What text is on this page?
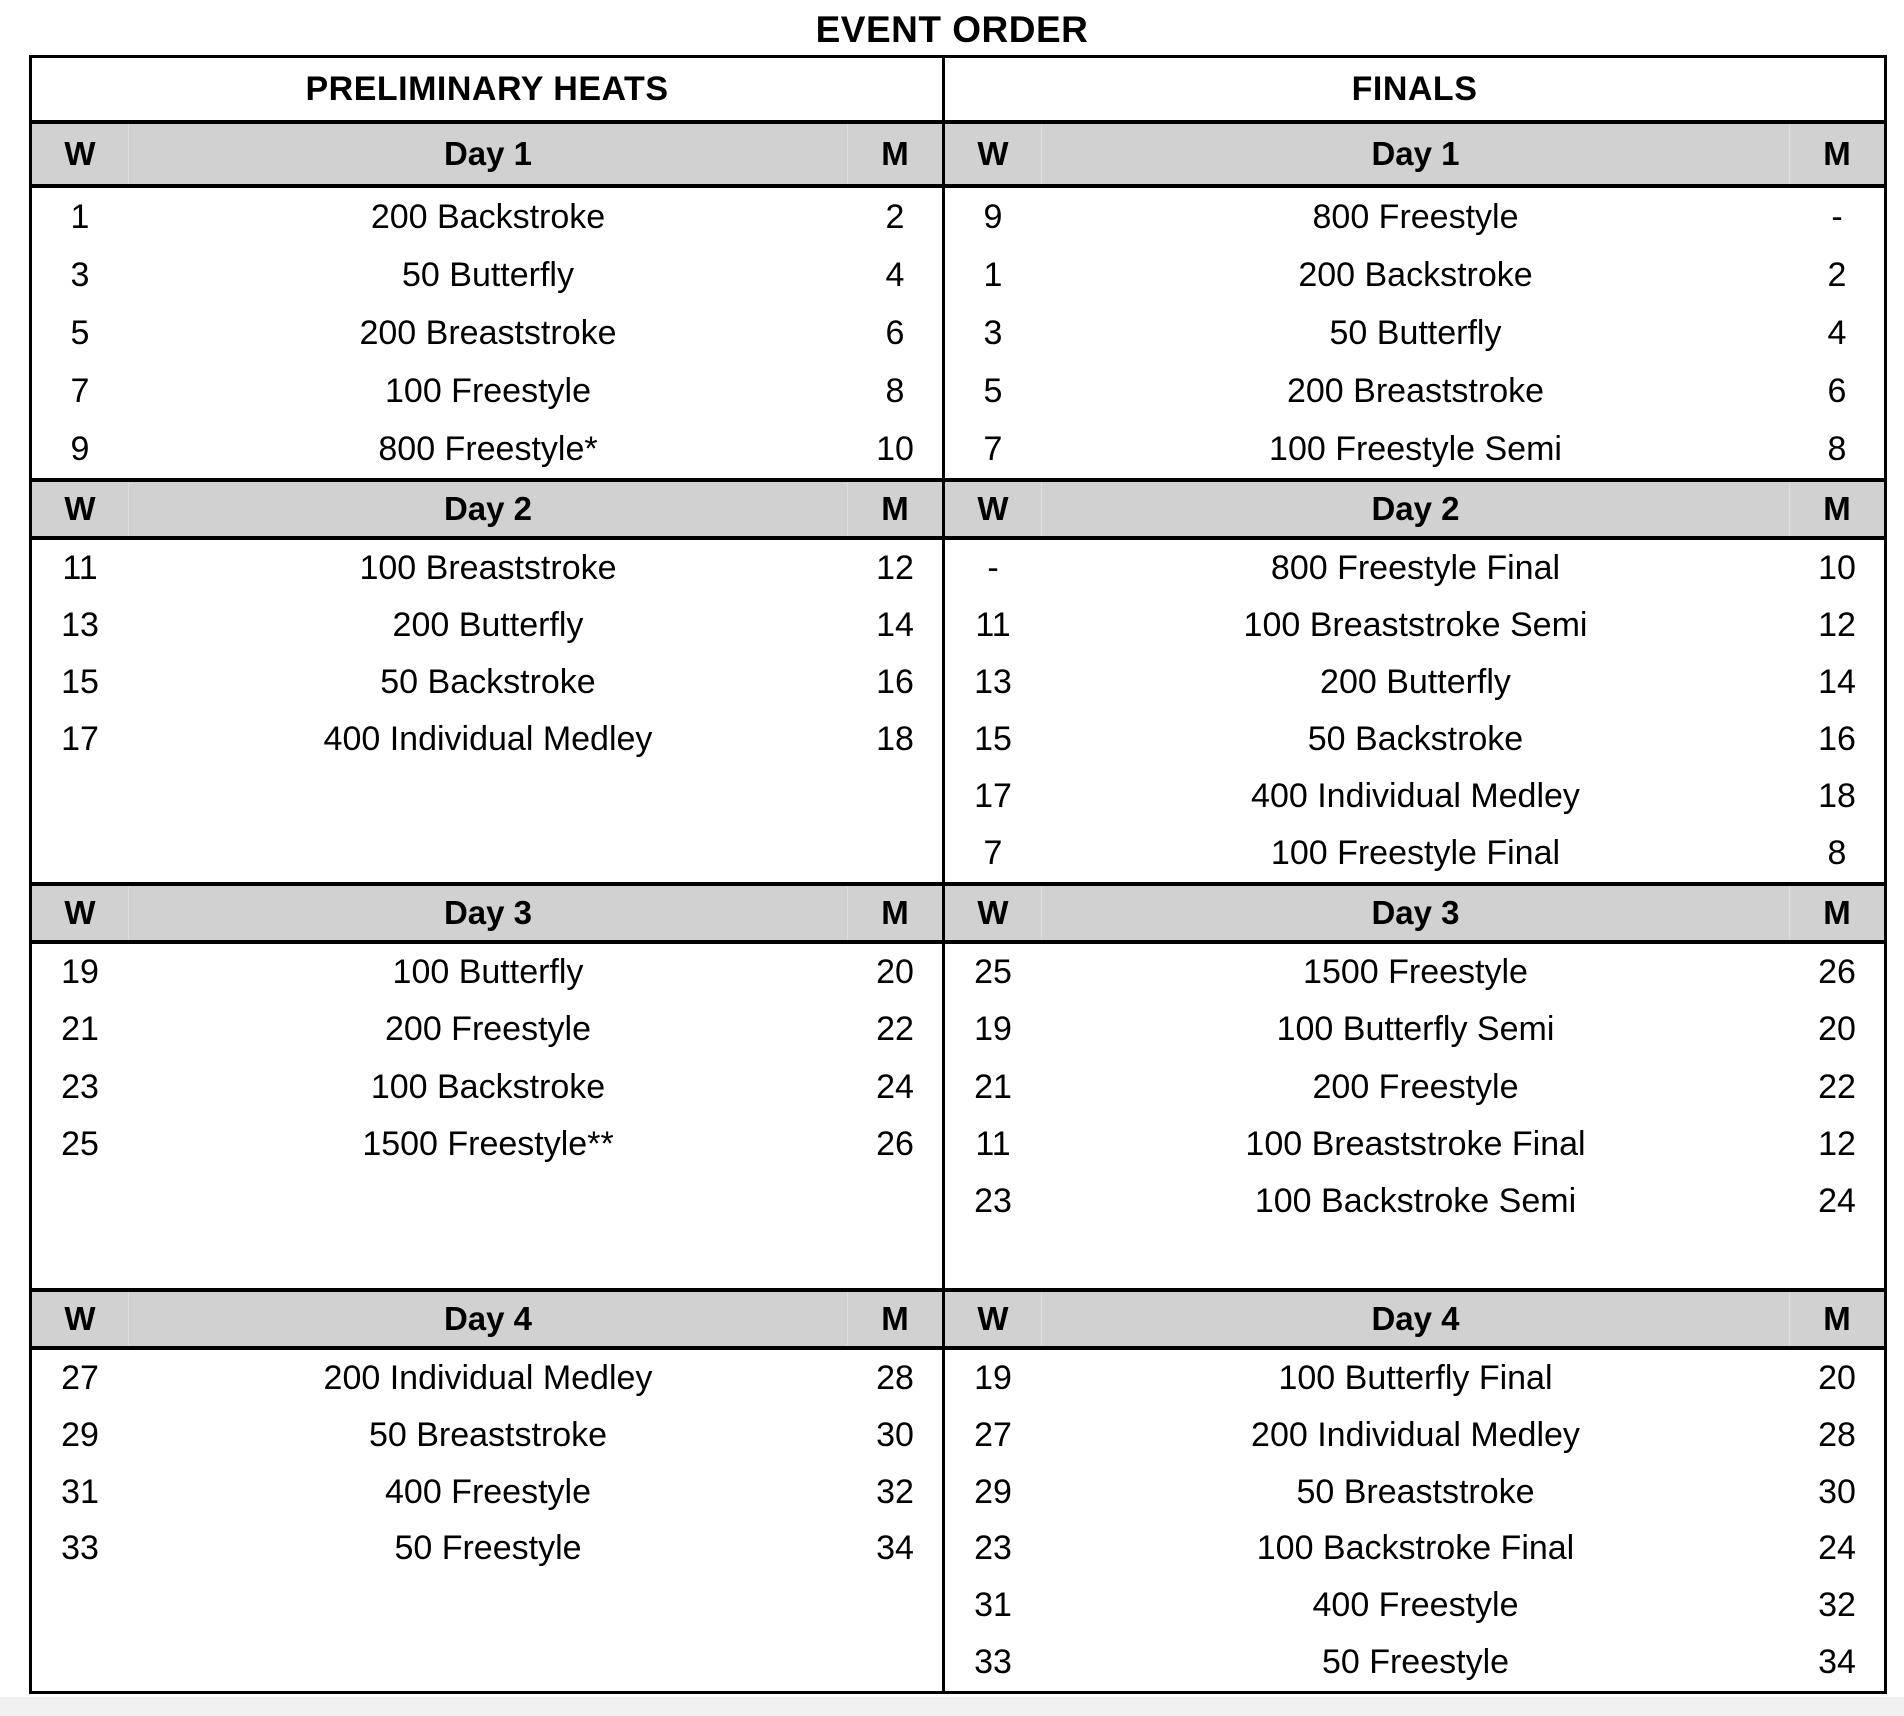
EVENT ORDER
PRELIMINARY HEATS
W	Day 1	M
1	200 Backstroke	2
3	50 Butterfly	4
5	200 Breaststroke	6
7	100 Freestyle	8
9	800 Freestyle*	10
W	Day 2	M
11	100 Breaststroke	12
13	200 Butterfly	14
15	50 Backstroke	16
17	400 Individual Medley	18
W	Day 3	M
19	100 Butterfly	20
21	200 Freestyle	22
23	100 Backstroke	24
25	1500 Freestyle**	26
W	Day 4	M
27	200 Individual Medley	28
29	50 Breaststroke	30
31	400 Freestyle	32
33	50 Freestyle	34
FINALS
W	Day 1	M
9	800 Freestyle	-
1	200 Backstroke	2
3	50 Butterfly	4
5	200 Breaststroke	6
7	100 Freestyle Semi	8
W	Day 2	M
-	800 Freestyle Final	10
11	100 Breaststroke Semi	12
13	200 Butterfly	14
15	50 Backstroke	16
17	400 Individual Medley	18
7	100 Freestyle Final	8
W	Day 3	M
25	1500 Freestyle	26
19	100 Butterfly Semi	20
21	200 Freestyle	22
11	100 Breaststroke Final	12
23	100 Backstroke Semi	24
W	Day 4	M
19	100 Butterfly Final	20
27	200 Individual Medley	28
29	50 Breaststroke	30
23	100 Backstroke Final	24
31	400 Freestyle	32
33	50 Freestyle	34
